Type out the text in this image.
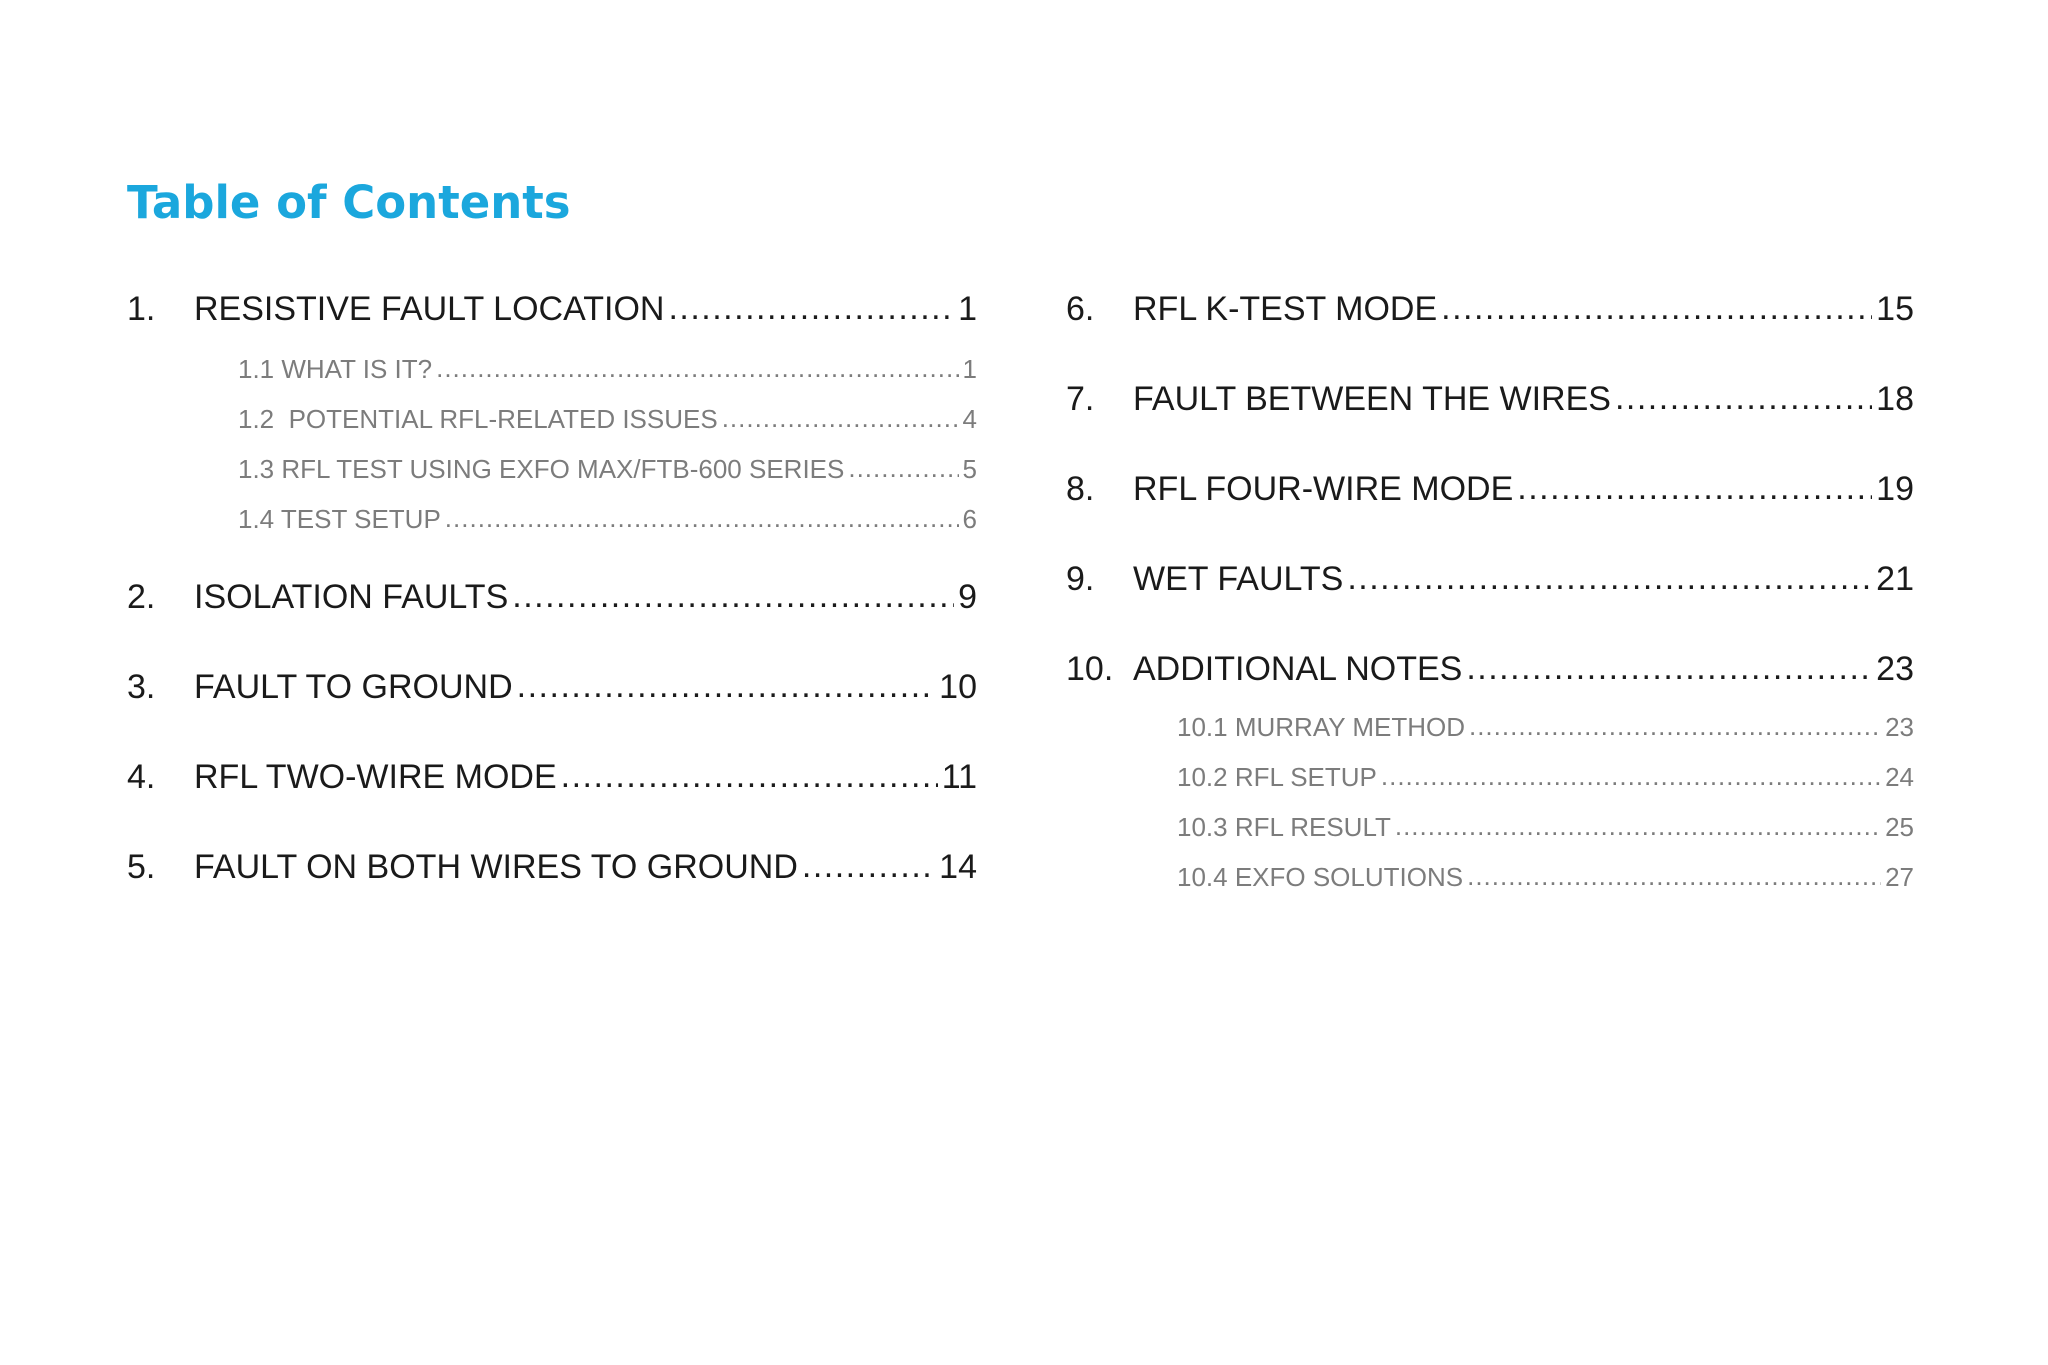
Table of Contents
1.	RESISTIVE FAULT LOCATION .....	1
1.1 WHAT IS IT? .....	1
1.2  POTENTIAL RFL-RELATED ISSUES .....	4
1.3 RFL TEST USING EXFO MAX/FTB-600 SERIES .....	5
1.4 TEST SETUP .....	6
2.	ISOLATION FAULTS .....	9
3.	FAULT TO GROUND .....	10
4.	RFL TWO-WIRE MODE .....	11
5.	FAULT ON BOTH WIRES TO GROUND .....	14
6.	RFL K-TEST MODE .....	15
7.	FAULT BETWEEN THE WIRES .....	18
8.	RFL FOUR-WIRE MODE .....	19
9.	WET FAULTS .....	21
10. ADDITIONAL NOTES .....	23
10.1 MURRAY METHOD .....	23
10.2 RFL SETUP .....	24
10.3 RFL RESULT .....	25
10.4 EXFO SOLUTIONS .....	27
